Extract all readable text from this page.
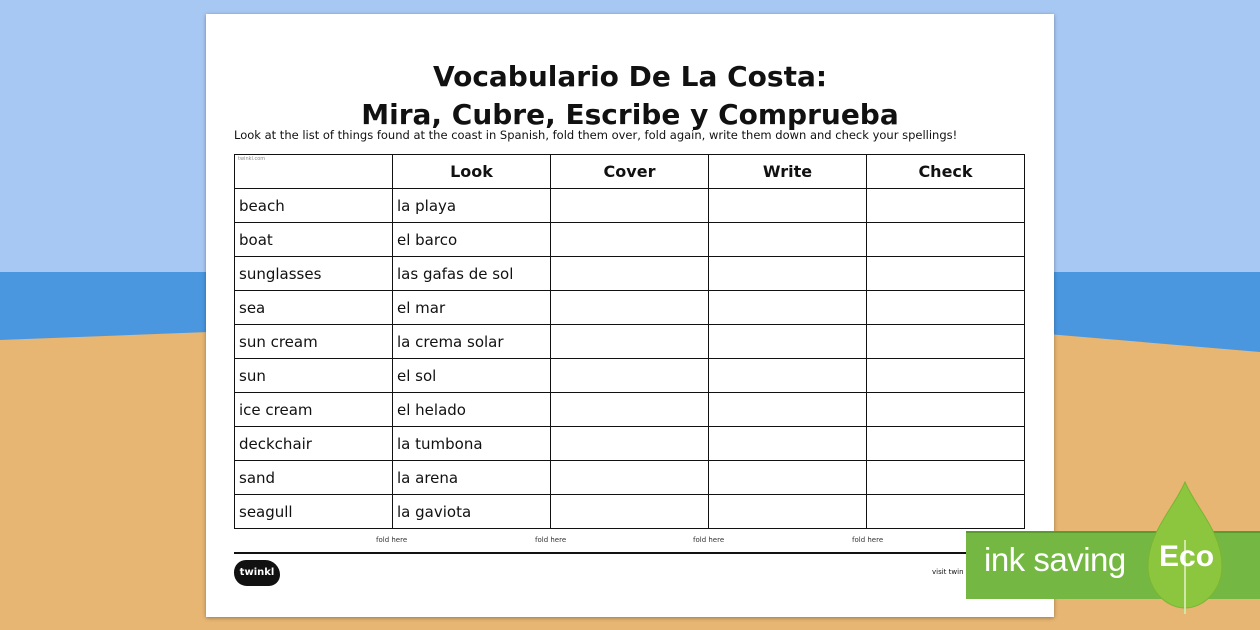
Vocabulario De La Costa:
Mira, Cubre, Escribe y Comprueba
Look at the list of things found at the coast in Spanish, fold them over, fold again, write them down and check your spellings!
twinkl.com	Look	Cover	Write	Check
beach	la playa			
boat	el barco			
sunglasses	las gafas de sol			
sea	el mar			
sun cream	la crema solar			
sun	el sol			
ice cream	el helado			
deckchair	la tumbona			
sand	la arena			
seagull	la gaviota			
fold here	fold here	fold here	fold here
twinkl	visit twin ink saving Eco
